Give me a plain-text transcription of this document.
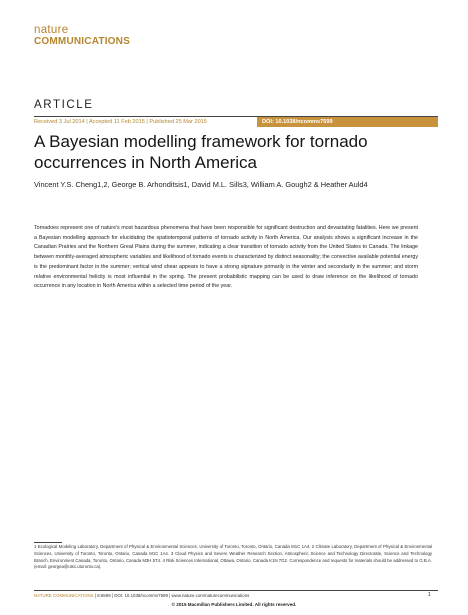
nature
COMMUNICATIONS
ARTICLE
Received 3 Jul 2014 | Accepted 11 Feb 2015 | Published 25 Mar 2015	DOI: 10.1038/ncomms7599
A Bayesian modelling framework for tornado occurrences in North America
Vincent Y.S. Cheng1,2, George B. Arhonditsis1, David M.L. Sills3, William A. Gough2 & Heather Auld4
Tornadoes represent one of nature's most hazardous phenomena that have been responsible for significant destruction and devastating fatalities. Here we present a Bayesian modelling approach for elucidating the spatiotemporal patterns of tornado activity in North America. Our analysis shows a significant increase in the Canadian Prairies and the Northern Great Plains during the summer, indicating a clear transition of tornado activity from the United States to Canada. The linkage between monthly-averaged atmospheric variables and likelihood of tornado events is characterized by distinct seasonality; the convective available potential energy is the predominant factor in the summer; vertical wind shear appears to have a strong signature primarily in the winter and secondarily in the summer; and storm relative environmental helicity is most influential in the spring. The present probabilistic mapping can be used to draw inference on the likelihood of tornado occurrence in any location in North America within a selected time period of the year.
1 Ecological Modeling Laboratory, Department of Physical & Environmental Sciences, University of Toronto, Toronto, Ontario, Canada M1C 1A4. 2 Climate Laboratory, Department of Physical & Environmental Sciences, University of Toronto, Toronto, Ontario, Canada M1C 1A4. 3 Cloud Physics and Severe Weather Research Section, Atmospheric Science and Technology Directorate, Science and Technology Branch, Environment Canada, Toronto, Ontario, Canada M3H 5T4. 4 Risk Sciences International, Ottawa, Ontario, Canada K1N 7G2. Correspondence and requests for materials should be addressed to G.B.A. (email: georgea@utsc.utoronto.ca).
NATURE COMMUNICATIONS | 6:6599 | DOI: 10.1038/ncomms7599 | www.nature.com/naturecommunications	1
© 2015 Macmillan Publishers Limited. All rights reserved.
